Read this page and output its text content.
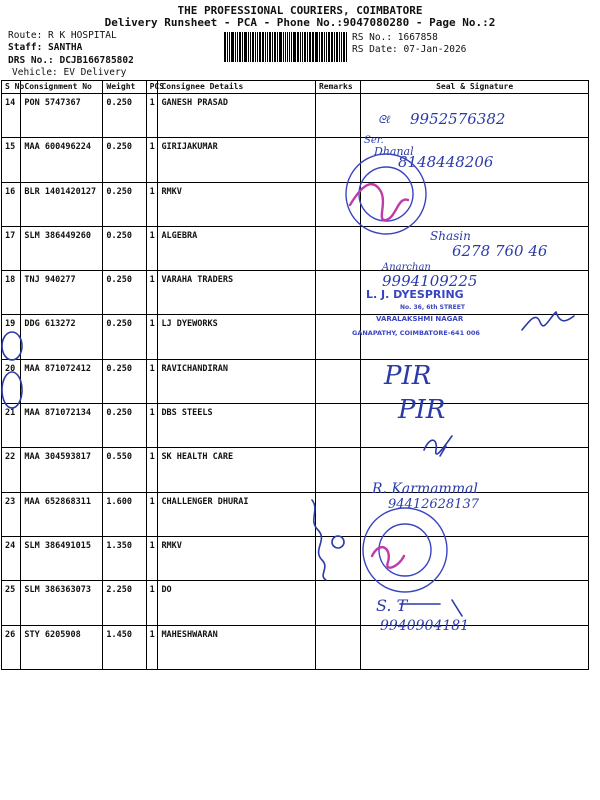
THE PROFESSIONAL COURIERS, COIMBATORE
Delivery Runsheet - PCA - Phone No.:9047080280 - Page No.:2
Route: R K HOSPITAL
Staff: SANTHA
DRS No.: DCJB166785802
Vehicle: EV Delivery
RS No.: 1667858
RS Date: 07-Jan-2026
S No	Consignment No	Weight	PCS	Consignee Details	Remarks	Seal & Signature
14	PON 5747367	0.250	1	GANESH PRASAD		
15	MAA 600496224	0.250	1	GIRIJAKUMAR		
16	BLR 1401420127	0.250	1	RMKV		
17	SLM 386449260	0.250	1	ALGEBRA		
18	TNJ 940277	0.250	1	VARAHA TRADERS		
19	DDG 613272	0.250	1	LJ DYEWORKS		
20	MAA 871072412	0.250	1	RAVICHANDIRAN		
21	MAA 871072134	0.250	1	DBS STEELS		
22	MAA 304593817	0.550	1	SK HEALTH CARE		
23	MAA 652868311	1.600	1	CHALLENGER DHURAI		
24	SLM 386491015	1.350	1	RMKV		
25	SLM 386363073	2.250	1	DO		
26	STY 6205908	1.450	1	MAHESHWARAN		
ᘓℓ 9952576382
Ser.
Dhanal
8148448206
Shasin
6278 760 46
Anarchan
9994109225
L. J. DYESPRING
No. 36, 6th STREET
VARALAKSHMI NAGAR
GANAPATHY, COIMBATORE-641 006
PIR
PIR
R. Karmammal
94412628137
S. T
9940904181
